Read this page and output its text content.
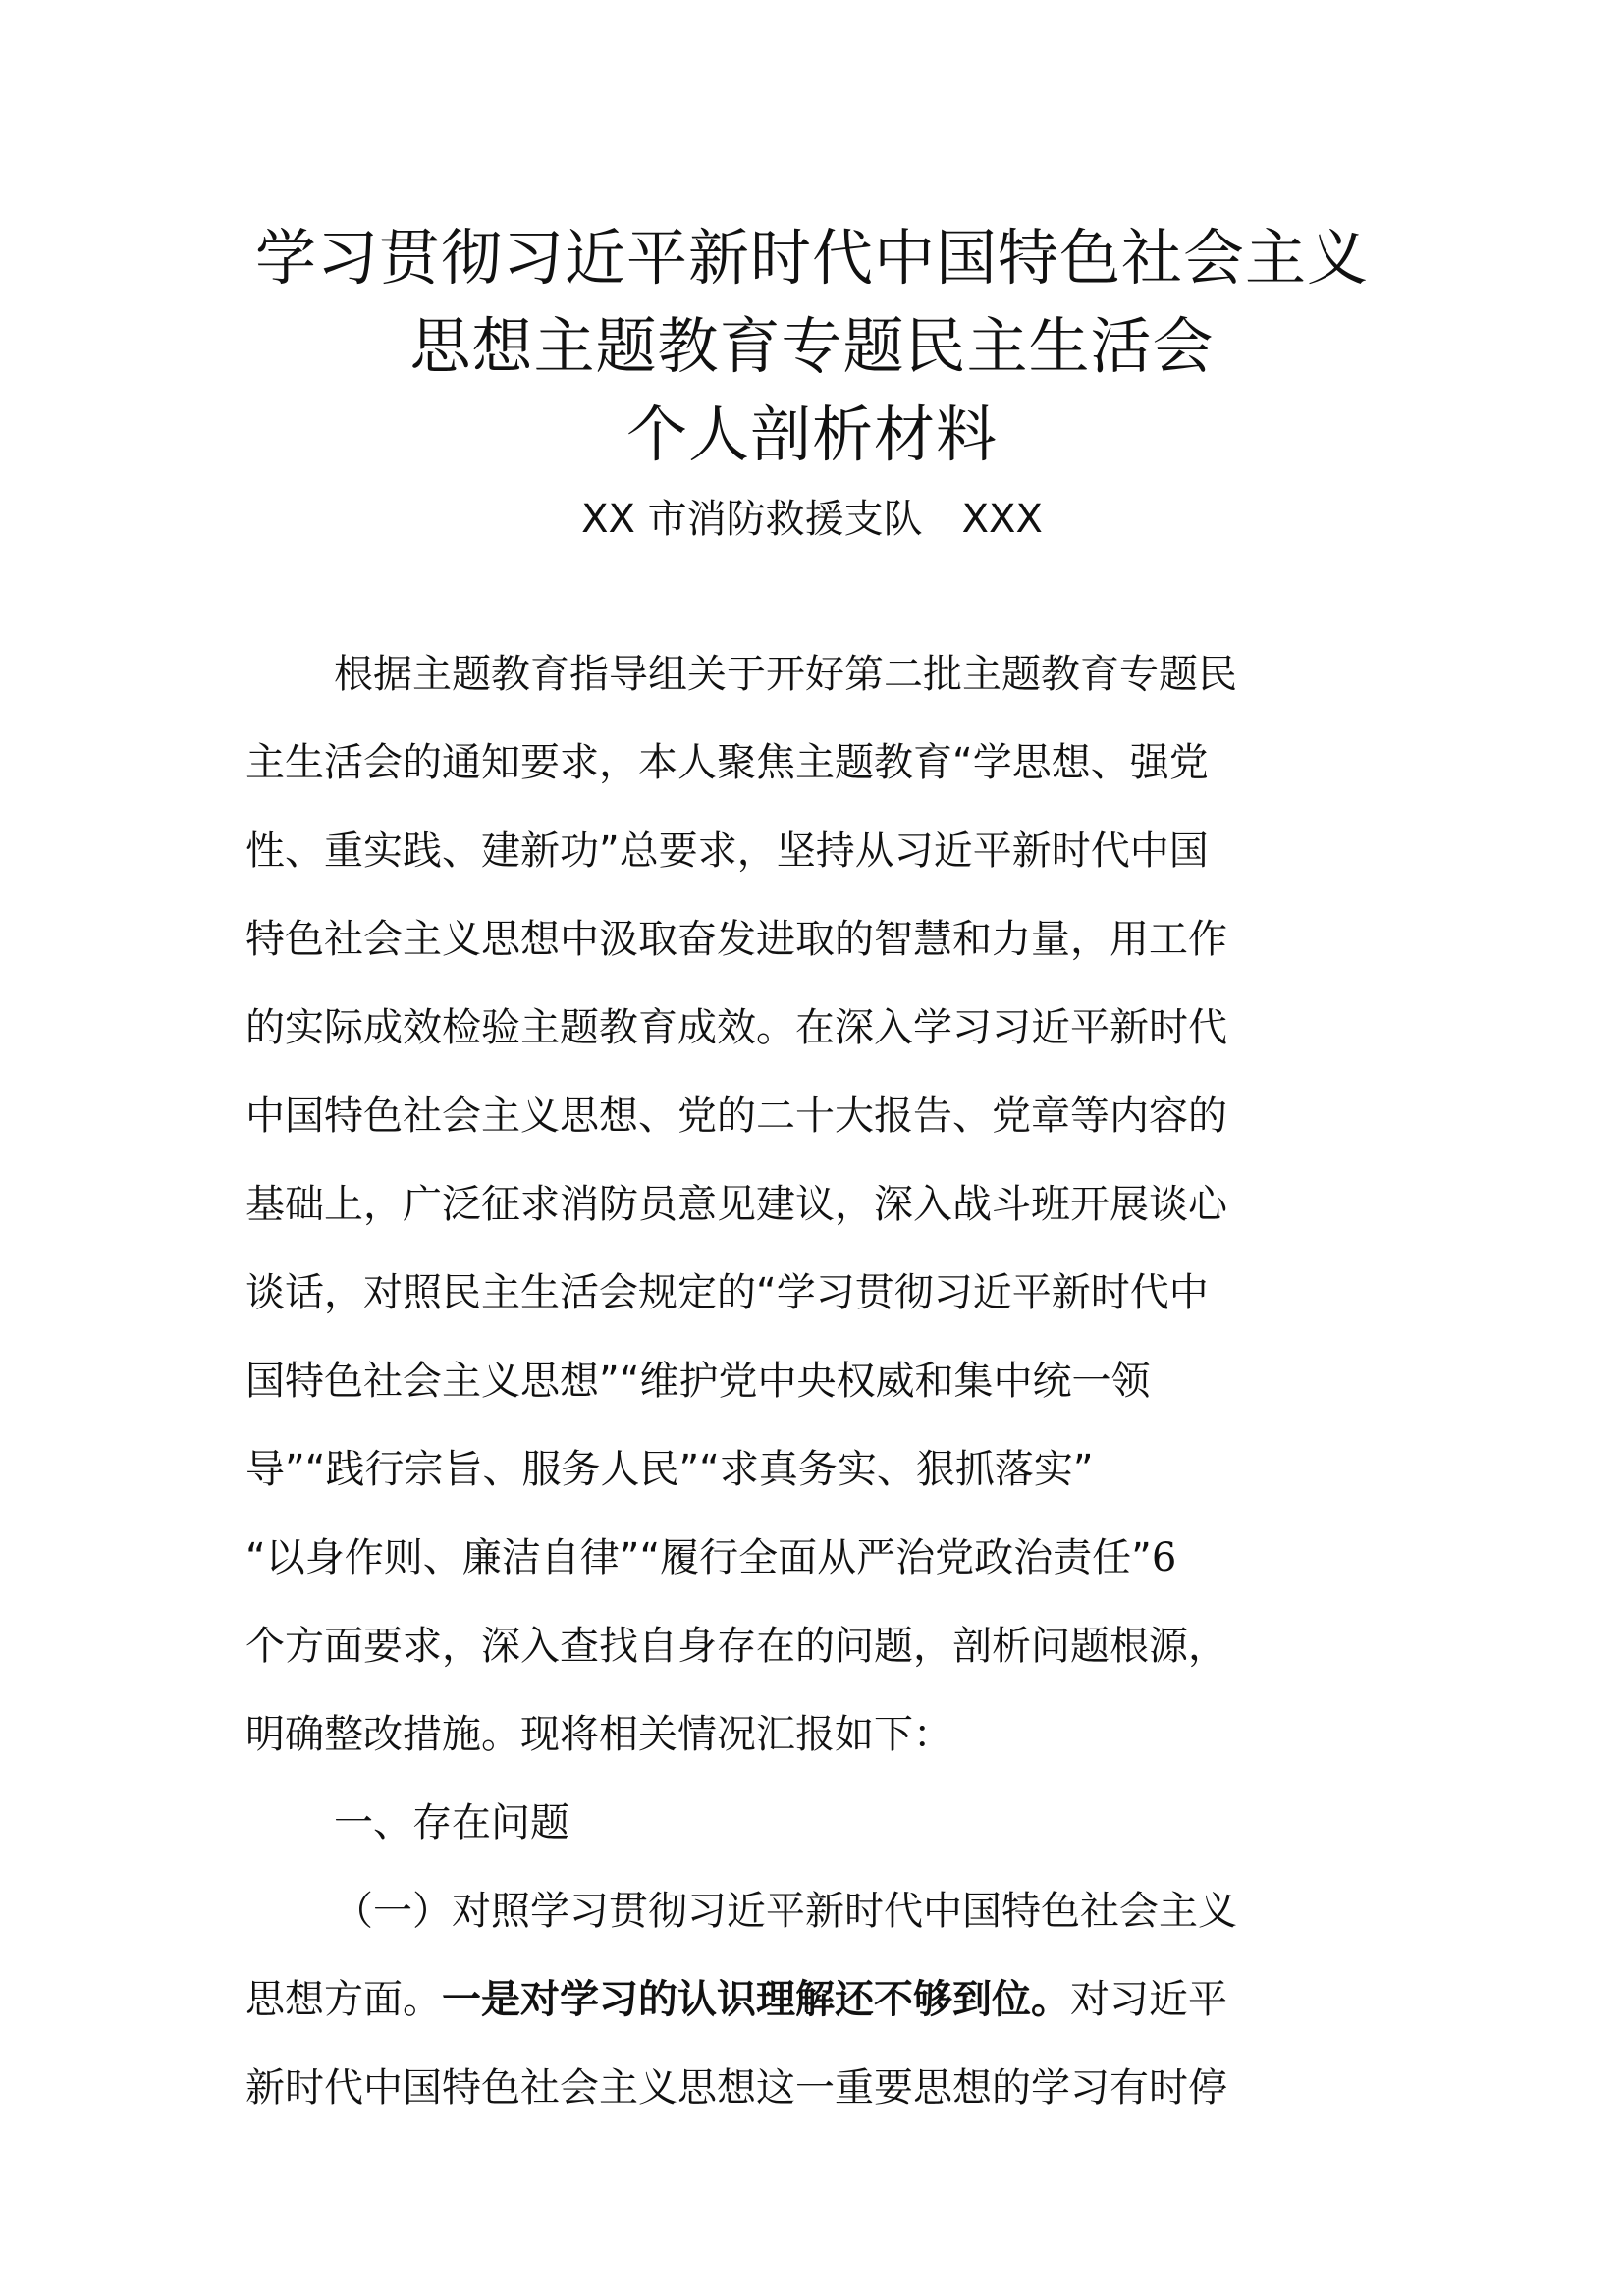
学习贯彻习近平新时代中国特色社会主义
思想主题教育专题民主生活会
个人剖析材料
XX 市消防救援支队　XXX
根据主题教育指导组关于开好第二批主题教育专题民
主生活会的通知要求，本人聚焦主题教育“学思想、强党
性、重实践、建新功”总要求，坚持从习近平新时代中国
特色社会主义思想中汲取奋发进取的智慧和力量，用工作
的实际成效检验主题教育成效。在深入学习习近平新时代
中国特色社会主义思想、党的二十大报告、党章等内容的
基础上，广泛征求消防员意见建议，深入战斗班开展谈心
谈话，对照民主生活会规定的“学习贯彻习近平新时代中
国特色社会主义思想”“维护党中央权威和集中统一领
导”“践行宗旨、服务人民”“求真务实、狠抓落实”
“以身作则、廉洁自律”“履行全面从严治党政治责任”6
个方面要求，深入查找自身存在的问题，剖析问题根源，
明确整改措施。现将相关情况汇报如下：
一、存在问题
（一）对照学习贯彻习近平新时代中国特色社会主义
思想方面。一是对学习的认识理解还不够到位。对习近平
新时代中国特色社会主义思想这一重要思想的学习有时停
